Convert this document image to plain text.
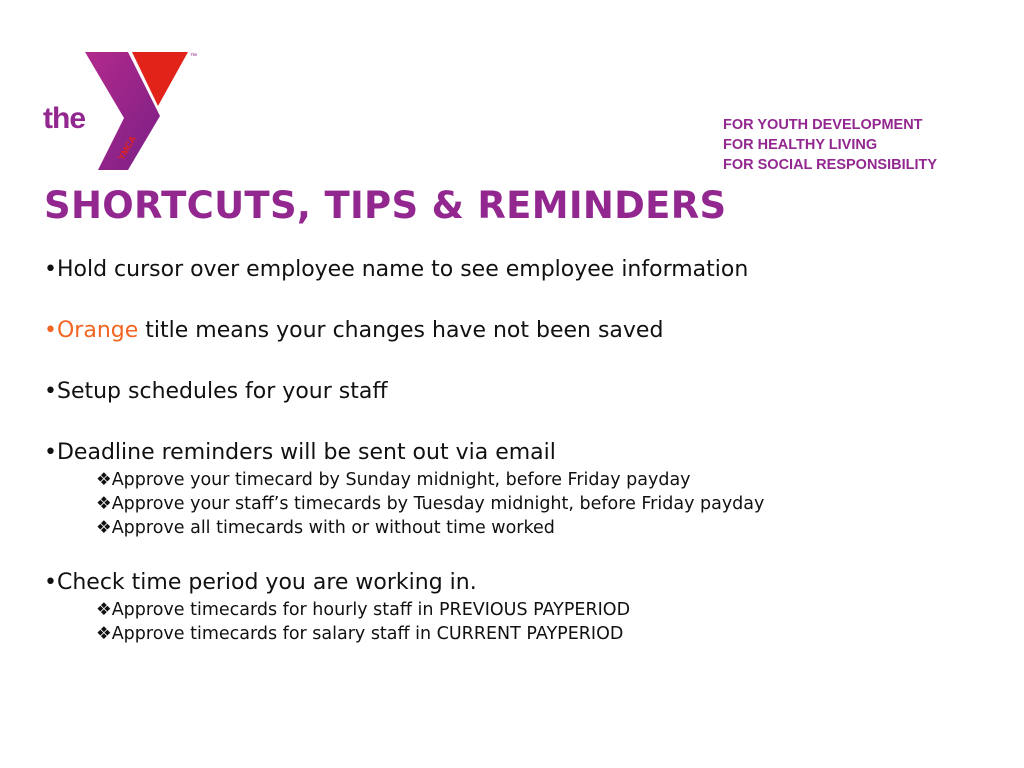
YMCA
™
the	FOR YOUTH DEVELOPMENT
FOR HEALTHY LIVING
FOR SOCIAL RESPONSIBILITY
SHORTCUTS, TIPS & REMINDERS

•Hold cursor over employee name to see employee information

•Orange title means your changes have not been saved

•Setup schedules for your staff

•Deadline reminders will be sent out via email

❖Approve your timecard by Sunday midnight, before Friday payday
❖Approve your staff’s timecards by Tuesday midnight, before Friday payday
❖Approve all timecards with or without time worked

•Check time period you are working in.

❖Approve timecards for hourly staff in PREVIOUS PAYPERIOD
❖Approve timecards for salary staff in CURRENT PAYPERIOD
